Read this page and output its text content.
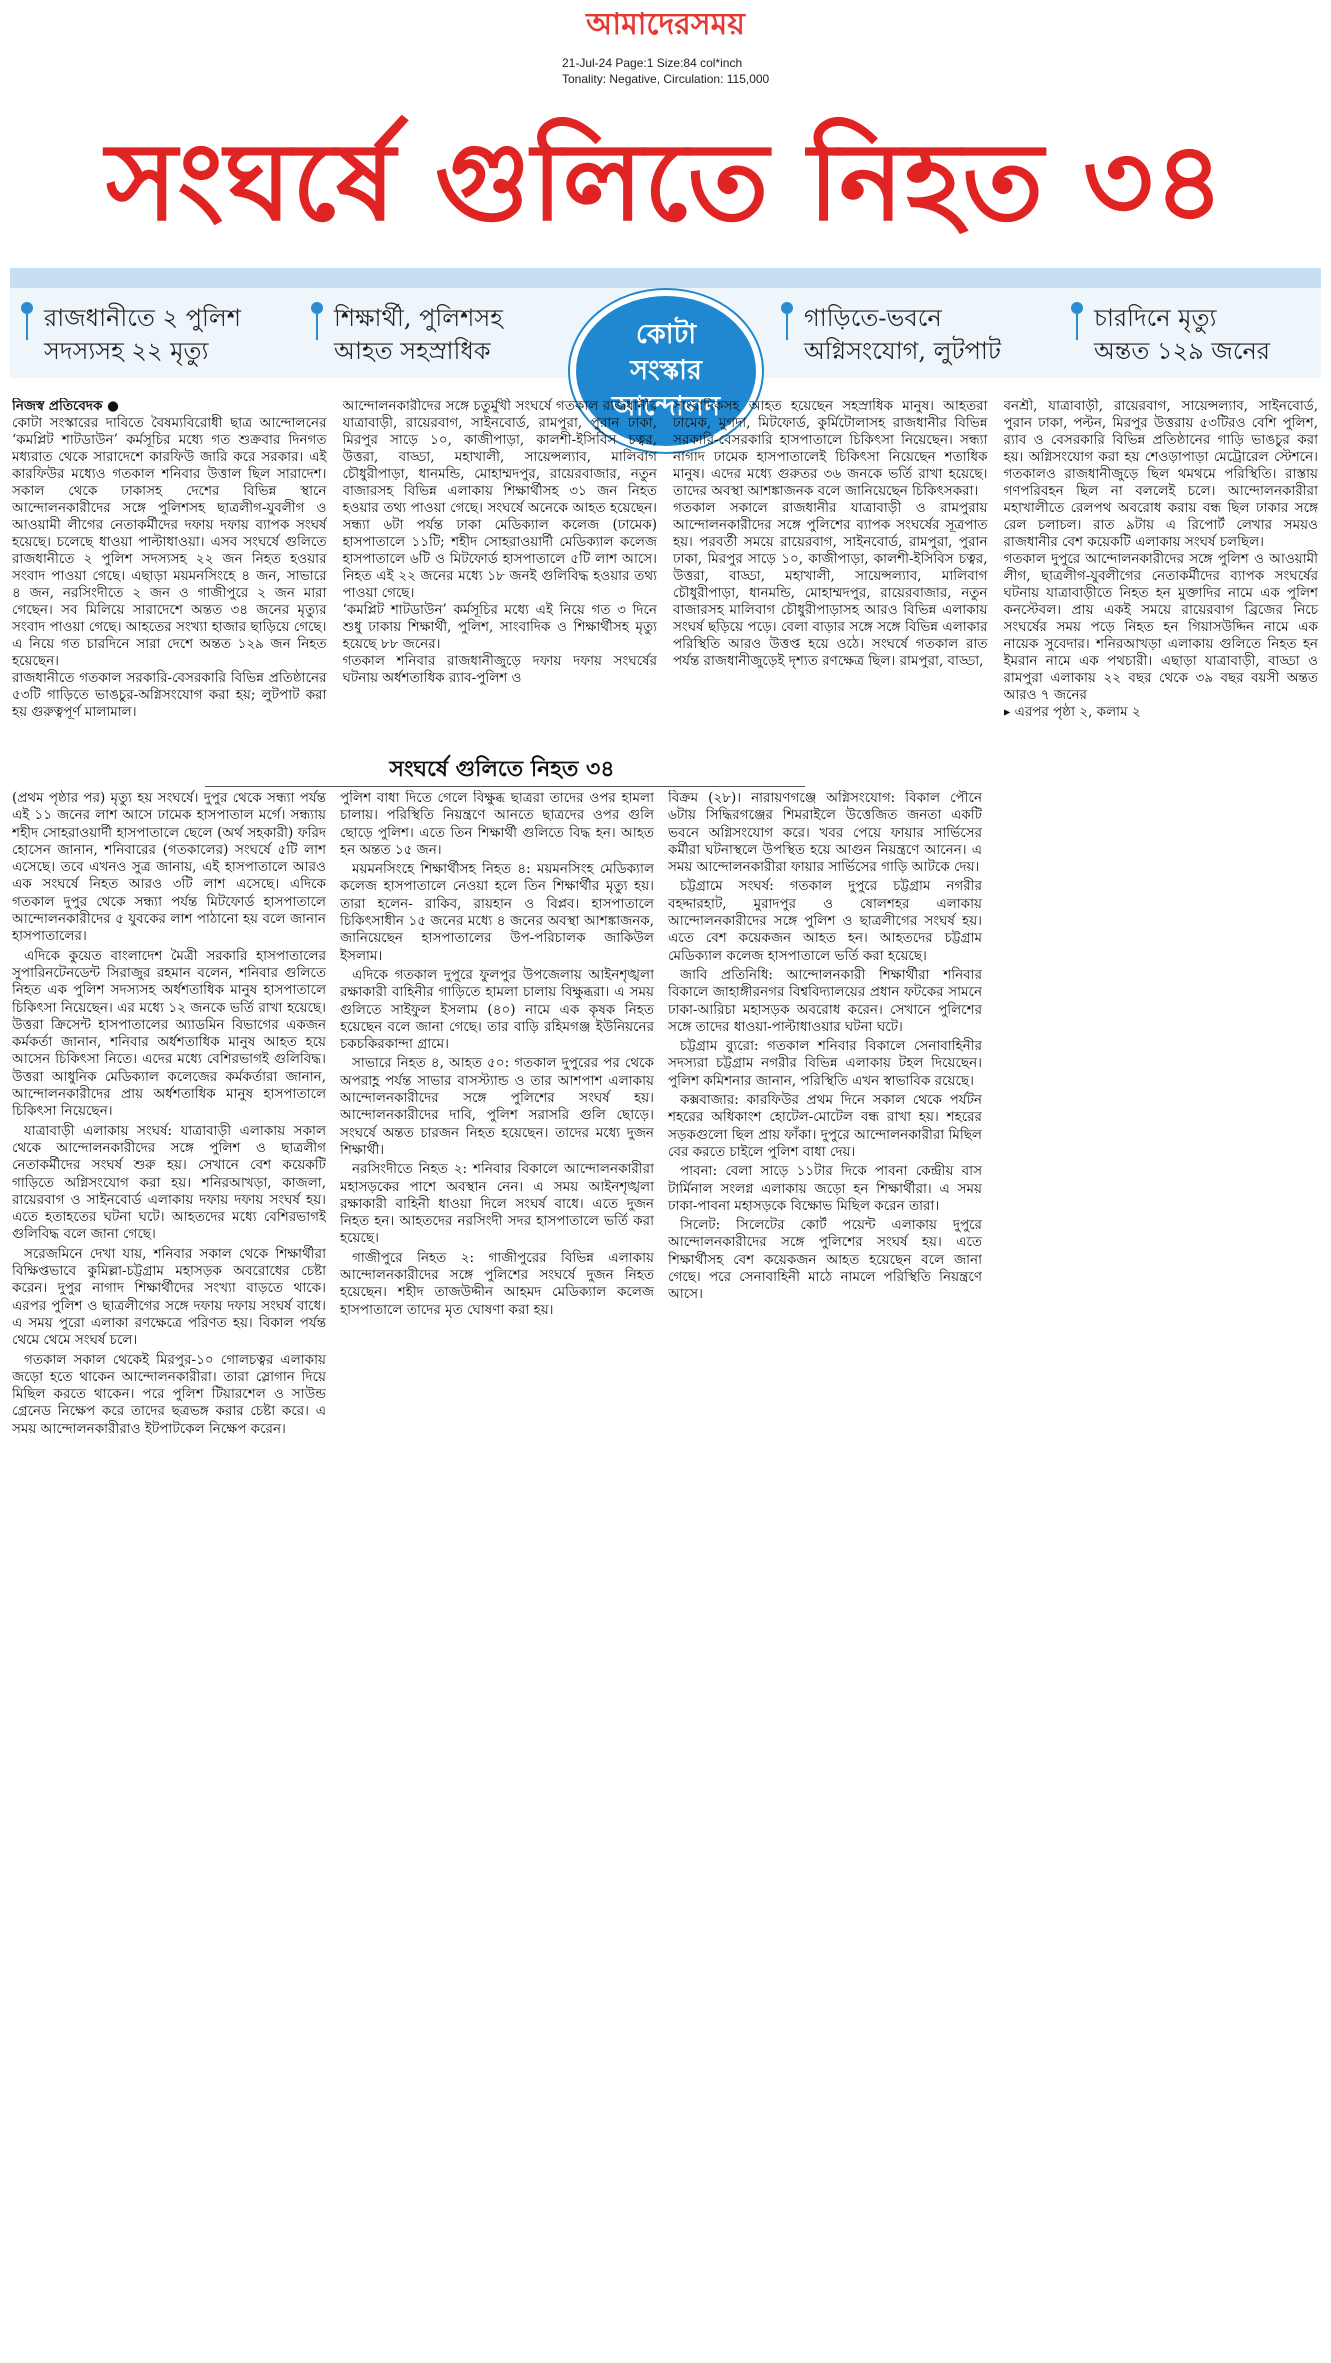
আমাদেরসময়
21-Jul-24 Page:1 Size:84 col*inch
Tonality: Negative, Circulation: 115,000
সংঘর্ষে গুলিতে নিহত ৩৪
রাজধানীতে ২ পুলিশ
সদস্যসহ ২২ মৃত্যু
শিক্ষার্থী, পুলিশসহ
আহত সহস্রাধিক
গাড়িতে-ভবনে
অগ্নিসংযোগ, লুটপাট
চারদিনে মৃত্যু
অন্তত ১২৯ জনের
কোটা
সংস্কার
আন্দোলন

নিজস্ব প্রতিবেদক ●

কোটা সংস্কারের দাবিতে বৈষম্যবিরোধী ছাত্র আন্দোলনের ‘কমপ্লিট শাটডাউন’ কর্মসূচির মধ্যে গত শুক্রবার দিনগত মধ্যরাত থেকে সারাদেশে কারফিউ জারি করে সরকার। এই কারফিউর মধ্যেও গতকাল শনিবার উত্তাল ছিল সারাদেশ। সকাল থেকে ঢাকাসহ দেশের বিভিন্ন স্থানে আন্দোলনকারীদের সঙ্গে পুলিশসহ ছাত্রলীগ-যুবলীগ ও আওয়ামী লীগের নেতাকর্মীদের দফায় দফায় ব্যাপক সংঘর্ষ হয়েছে। চলেছে ধাওয়া পাল্টাধাওয়া। এসব সংঘর্ষে গুলিতে রাজধানীতে ২ পুলিশ সদস্যসহ ২২ জন নিহত হওয়ার সংবাদ পাওয়া গেছে। এছাড়া ময়মনসিংহে ৪ জন, সাভারে ৪ জন, নরসিংদীতে ২ জন ও গাজীপুরে ২ জন মারা গেছেন। সব মিলিয়ে সারাদেশে অন্তত ৩৪ জনের মৃত্যুর সংবাদ পাওয়া গেছে। আহতের সংখ্যা হাজার ছাড়িয়ে গেছে। এ নিয়ে গত চারদিনে সারা দেশে অন্তত ১২৯ জন নিহত হয়েছেন।

রাজধানীতে গতকাল সরকারি-বেসরকারি বিভিন্ন প্রতিষ্ঠানের ৫৩টি গাড়িতে ভাঙচুর-অগ্নিসংযোগ করা হয়; লুটপাট করা হয় গুরুত্বপূর্ণ মালামাল।

আন্দোলনকারীদের সঙ্গে চতুর্মুখী সংঘর্ষে গতকাল রাজধানীর যাত্রাবাড়ী, রায়েরবাগ, সাইনবোর্ড, রামপুরা, পুরান ঢাকা, মিরপুর সাড়ে ১০, কাজীপাড়া, কালশী-ইসিবিস চত্বর, উত্তরা, বাড্ডা, মহাখালী, সায়েন্সল্যাব, মালিবাগ চৌধুরীপাড়া, ধানমন্ডি, মোহাম্মদপুর, রায়েরবাজার, নতুন বাজারসহ বিভিন্ন এলাকায় শিক্ষার্থীসহ ৩১ জন নিহত হওয়ার তথ্য পাওয়া গেছে। সংঘর্ষে অনেকে আহত হয়েছেন। সন্ধ্যা ৬টা পর্যন্ত ঢাকা মেডিক্যাল কলেজ (ঢামেক) হাসপাতালে ১১টি; শহীদ সোহরাওয়ার্দী মেডিক্যাল কলেজ হাসপাতালে ৬টি ও মিটফোর্ড হাসপাতালে ৫টি লাশ আসে। নিহত এই ২২ জনের মধ্যে ১৮ জনই গুলিবিদ্ধ হওয়ার তথ্য পাওয়া গেছে।

‘কমপ্লিট শাটডাউন’ কর্মসূচির মধ্যে এই নিয়ে গত ৩ দিনে শুধু ঢাকায় শিক্ষার্থী, পুলিশ, সাংবাদিক ও শিক্ষার্থীসহ মৃত্যু হয়েছে ৮৮ জনের।

গতকাল শনিবার রাজধানীজুড়ে দফায় দফায় সংঘর্ষের ঘটনায় অর্ধশতাধিক র‌্যাব-পুলিশ ও

সাংবাদিকসহ আহত হয়েছেন সহস্রাধিক মানুষ। আহতরা ঢামেক, মুগদা, মিটফোর্ড, কুর্মিটোলাসহ রাজধানীর বিভিন্ন সরকারি-বেসরকারি হাসপাতালে চিকিৎসা নিয়েছেন। সন্ধ্যা নাগাদ ঢামেক হাসপাতালেই চিকিৎসা নিয়েছেন শতাধিক মানুষ। এদের মধ্যে গুরুতর ৩৬ জনকে ভর্তি রাখা হয়েছে। তাদের অবস্থা আশঙ্কাজনক বলে জানিয়েছেন চিকিৎসকরা।

গতকাল সকালে রাজধানীর যাত্রাবাড়ী ও রামপুরায় আন্দোলনকারীদের সঙ্গে পুলিশের ব্যাপক সংঘর্ষের সূত্রপাত হয়। পরবর্তী সময়ে রায়েরবাগ, সাইনবোর্ড, রামপুরা, পুরান ঢাকা, মিরপুর সাড়ে ১০, কাজীপাড়া, কালশী-ইসিবিস চত্বর, উত্তরা, বাড্ডা, মহাখালী, সায়েন্সল্যাব, মালিবাগ চৌধুরীপাড়া, ধানমন্ডি, মোহাম্মদপুর, রায়েরবাজার, নতুন বাজারসহ মালিবাগ চৌধুরীপাড়াসহ আরও বিভিন্ন এলাকায় সংঘর্ষ ছড়িয়ে পড়ে। বেলা বাড়ার সঙ্গে সঙ্গে বিভিন্ন এলাকার পরিস্থিতি আরও উত্তপ্ত হয়ে ওঠে। সংঘর্ষে গতকাল রাত পর্যন্ত রাজধানীজুড়েই দৃশ্যত রণক্ষেত্র ছিল। রামপুরা, বাড্ডা,

বনশ্রী, যাত্রাবাড়ী, রায়েরবাগ, সায়েন্সল্যাব, সাইনবোর্ড, পুরান ঢাকা, পল্টন, মিরপুর উত্তরায় ৫৩টিরও বেশি পুলিশ, র‌্যাব ও বেসরকারি বিভিন্ন প্রতিষ্ঠানের গাড়ি ভাঙচুর করা হয়। অগ্নিসংযোগ করা হয় শেওড়াপাড়া মেট্রোরেল স্টেশনে। গতকালও রাজধানীজুড়ে ছিল থমথমে পরিস্থিতি। রাস্তায় গণপরিবহন ছিল না বললেই চলে। আন্দোলনকারীরা মহাখালীতে রেলপথ অবরোধ করায় বন্ধ ছিল ঢাকার সঙ্গে রেল চলাচল। রাত ৯টায় এ রিপোর্ট লেখার সময়ও রাজধানীর বেশ কয়েকটি এলাকায় সংঘর্ষ চলছিল।

গতকাল দুপুরে আন্দোলনকারীদের সঙ্গে পুলিশ ও আওয়ামী লীগ, ছাত্রলীগ-যুবলীগের নেতাকর্মীদের ব্যাপক সংঘর্ষের ঘটনায় যাত্রাবাড়ীতে নিহত হন মুক্তাদির নামে এক পুলিশ কনস্টেবল। প্রায় একই সময়ে রায়েরবাগ ব্রিজের নিচে সংঘর্ষের সময় পড়ে নিহত হন গিয়াসউদ্দিন নামে এক নায়েক সুবেদার। শনিরআখড়া এলাকায় গুলিতে নিহত হন ইমরান নামে এক পথচারী। এছাড়া যাত্রাবাড়ী, বাড্ডা ও রামপুরা এলাকায় ২২ বছর থেকে ৩৯ বছর বয়সী অন্তত আরও ৭ জনের

▸ এরপর পৃষ্ঠা ২, কলাম ২

সংঘর্ষে গুলিতে নিহত ৩৪

(প্রথম পৃষ্ঠার পর) মৃত্যু হয় সংঘর্ষে। দুপুর থেকে সন্ধ্যা পর্যন্ত এই ১১ জনের লাশ আসে ঢামেক হাসপাতাল মর্গে। সন্ধ্যায় শহীদ সোহরাওয়ার্দী হাসপাতালে ছেলে (অর্থ সহকারী) ফরিদ হোসেন জানান, শনিবারের (গতকালের) সংঘর্ষে ৫টি লাশ এসেছে। তবে এখনও সুত্র জানায়, এই হাসপাতালে আরও এক সংঘর্ষে নিহত আরও ৩টি লাশ এসেছে। এদিকে গতকাল দুপুর থেকে সন্ধ্যা পর্যন্ত মিটফোর্ড হাসপাতালে আন্দোলনকারীদের ৫ যুবকের লাশ পাঠানো হয় বলে জানান হাসপাতালের।

এদিকে কুয়েত বাংলাদেশ মৈত্রী সরকারি হাসপাতালের সুপারিনটেনডেন্ট সিরাজুর রহমান বলেন, শনিবার গুলিতে নিহত এক পুলিশ সদস্যসহ অর্ধশতাধিক মানুষ হাসপাতালে চিকিৎসা নিয়েছেন। এর মধ্যে ১২ জনকে ভর্তি রাখা হয়েছে। উত্তরা ক্রিসেন্ট হাসপাতালের অ্যাডমিন বিভাগের একজন কর্মকর্তা জানান, শনিবার অর্ধশতাধিক মানুষ আহত হয়ে আসেন চিকিৎসা নিতে। এদের মধ্যে বেশিরভাগই গুলিবিদ্ধ। উত্তরা আধুনিক মেডিক্যাল কলেজের কর্মকর্তারা জানান, আন্দোলনকারীদের প্রায় অর্ধশতাধিক মানুষ হাসপাতালে চিকিৎসা নিয়েছেন।

যাত্রাবাড়ী এলাকায় সংঘর্ষ: যাত্রাবাড়ী এলাকায় সকাল থেকে আন্দোলনকারীদের সঙ্গে পুলিশ ও ছাত্রলীগ নেতাকর্মীদের সংঘর্ষ শুরু হয়। সেখানে বেশ কয়েকটি গাড়িতে অগ্নিসংযোগ করা হয়। শনিরআখড়া, কাজলা, রায়েরবাগ ও সাইনবোর্ড এলাকায় দফায় দফায় সংঘর্ষ হয়। এতে হতাহতের ঘটনা ঘটে। আহতদের মধ্যে বেশিরভাগই গুলিবিদ্ধ বলে জানা গেছে।

সরেজমিনে দেখা যায়, শনিবার সকাল থেকে শিক্ষার্থীরা বিক্ষিপ্তভাবে কুমিল্লা-চট্টগ্রাম মহাসড়ক অবরোধের চেষ্টা করেন। দুপুর নাগাদ শিক্ষার্থীদের সংখ্যা বাড়তে থাকে। এরপর পুলিশ ও ছাত্রলীগের সঙ্গে দফায় দফায় সংঘর্ষ বাধে। এ সময় পুরো এলাকা রণক্ষেত্রে পরিণত হয়। বিকাল পর্যন্ত থেমে থেমে সংঘর্ষ চলে।

গতকাল সকাল থেকেই মিরপুর-১০ গোলচত্বর এলাকায় জড়ো হতে থাকেন আন্দোলনকারীরা। তারা স্লোগান দিয়ে মিছিল করতে থাকেন। পরে পুলিশ টিয়ারশেল ও সাউন্ড গ্রেনেড নিক্ষেপ করে তাদের ছত্রভঙ্গ করার চেষ্টা করে। এ সময় আন্দোলনকারীরাও ইটপাটকেল নিক্ষেপ করেন।

পুলিশ বাধা দিতে গেলে বিক্ষুব্ধ ছাত্ররা তাদের ওপর হামলা চালায়। পরিস্থিতি নিয়ন্ত্রণে আনতে ছাত্রদের ওপর গুলি ছোড়ে পুলিশ। এতে তিন শিক্ষার্থী গুলিতে বিদ্ধ হন। আহত হন অন্তত ১৫ জন।

ময়মনসিংহে শিক্ষার্থীসহ নিহত ৪: ময়মনসিংহ মেডিক্যাল কলেজ হাসপাতালে নেওয়া হলে তিন শিক্ষার্থীর মৃত্যু হয়। তারা হলেন- রাকিব, রায়হান ও বিপ্লব। হাসপাতালে চিকিৎসাধীন ১৫ জনের মধ্যে ৪ জনের অবস্থা আশঙ্কাজনক, জানিয়েছেন হাসপাতালের উপ-পরিচালক জাকিউল ইসলাম।

এদিকে গতকাল দুপুরে ফুলপুর উপজেলায় আইনশৃঙ্খলা রক্ষাকারী বাহিনীর গাড়িতে হামলা চালায় বিক্ষুব্ধরা। এ সময় গুলিতে সাইফুল ইসলাম (৪০) নামে এক কৃষক নিহত হয়েছেন বলে জানা গেছে। তার বাড়ি রহিমগঞ্জ ইউনিয়নের চকচকিরকান্দা গ্রামে।

সাভারে নিহত ৪, আহত ৫০: গতকাল দুপুরের পর থেকে অপরাহ্ণ পর্যন্ত সাভার বাসস্ট্যান্ড ও তার আশপাশ এলাকায় আন্দোলনকারীদের সঙ্গে পুলিশের সংঘর্ষ হয়। আন্দোলনকারীদের দাবি, পুলিশ সরাসরি গুলি ছোড়ে। সংঘর্ষে অন্তত চারজন নিহত হয়েছেন। তাদের মধ্যে দুজন শিক্ষার্থী।

নরসিংদীতে নিহত ২: শনিবার বিকালে আন্দোলনকারীরা মহাসড়কের পাশে অবস্থান নেন। এ সময় আইনশৃঙ্খলা রক্ষাকারী বাহিনী ধাওয়া দিলে সংঘর্ষ বাধে। এতে দুজন নিহত হন। আহতদের নরসিংদী সদর হাসপাতালে ভর্তি করা হয়েছে।

গাজীপুরে নিহত ২: গাজীপুরের বিভিন্ন এলাকায় আন্দোলনকারীদের সঙ্গে পুলিশের সংঘর্ষে দুজন নিহত হয়েছেন। শহীদ তাজউদ্দীন আহমদ মেডিক্যাল কলেজ হাসপাতালে তাদের মৃত ঘোষণা করা হয়।

বিক্রম (২৮)। নারায়ণগঞ্জে অগ্নিসংযোগ: বিকাল পৌনে ৬টায় সিদ্ধিরগঞ্জের শিমরাইলে উত্তেজিত জনতা একটি ভবনে অগ্নিসংযোগ করে। খবর পেয়ে ফায়ার সার্ভিসের কর্মীরা ঘটনাস্থলে উপস্থিত হয়ে আগুন নিয়ন্ত্রণে আনেন। এ সময় আন্দোলনকারীরা ফায়ার সার্ভিসের গাড়ি আটকে দেয়।

চট্টগ্রামে সংঘর্ষ: গতকাল দুপুরে চট্টগ্রাম নগরীর বহদ্দারহাট, মুরাদপুর ও ষোলশহর এলাকায় আন্দোলনকারীদের সঙ্গে পুলিশ ও ছাত্রলীগের সংঘর্ষ হয়। এতে বেশ কয়েকজন আহত হন। আহতদের চট্টগ্রাম মেডিক্যাল কলেজ হাসপাতালে ভর্তি করা হয়েছে।

জাবি প্রতিনিধি: আন্দোলনকারী শিক্ষার্থীরা শনিবার বিকালে জাহাঙ্গীরনগর বিশ্ববিদ্যালয়ের প্রধান ফটকের সামনে ঢাকা-আরিচা মহাসড়ক অবরোধ করেন। সেখানে পুলিশের সঙ্গে তাদের ধাওয়া-পাল্টাধাওয়ার ঘটনা ঘটে।

চট্টগ্রাম ব্যুরো: গতকাল শনিবার বিকালে সেনাবাহিনীর সদস্যরা চট্টগ্রাম নগরীর বিভিন্ন এলাকায় টহল দিয়েছেন। পুলিশ কমিশনার জানান, পরিস্থিতি এখন স্বাভাবিক রয়েছে।

কক্সবাজার: কারফিউর প্রথম দিনে সকাল থেকে পর্যটন শহরের অধিকাংশ হোটেল-মোটেল বন্ধ রাখা হয়। শহরের সড়কগুলো ছিল প্রায় ফাঁকা। দুপুরে আন্দোলনকারীরা মিছিল বের করতে চাইলে পুলিশ বাধা দেয়।

পাবনা: বেলা সাড়ে ১১টার দিকে পাবনা কেন্দ্রীয় বাস টার্মিনাল সংলগ্ন এলাকায় জড়ো হন শিক্ষার্থীরা। এ সময় ঢাকা-পাবনা মহাসড়কে বিক্ষোভ মিছিল করেন তারা।

সিলেট: সিলেটের কোর্ট পয়েন্ট এলাকায় দুপুরে আন্দোলনকারীদের সঙ্গে পুলিশের সংঘর্ষ হয়। এতে শিক্ষার্থীসহ বেশ কয়েকজন আহত হয়েছেন বলে জানা গেছে। পরে সেনাবাহিনী মাঠে নামলে পরিস্থিতি নিয়ন্ত্রণে আসে।
